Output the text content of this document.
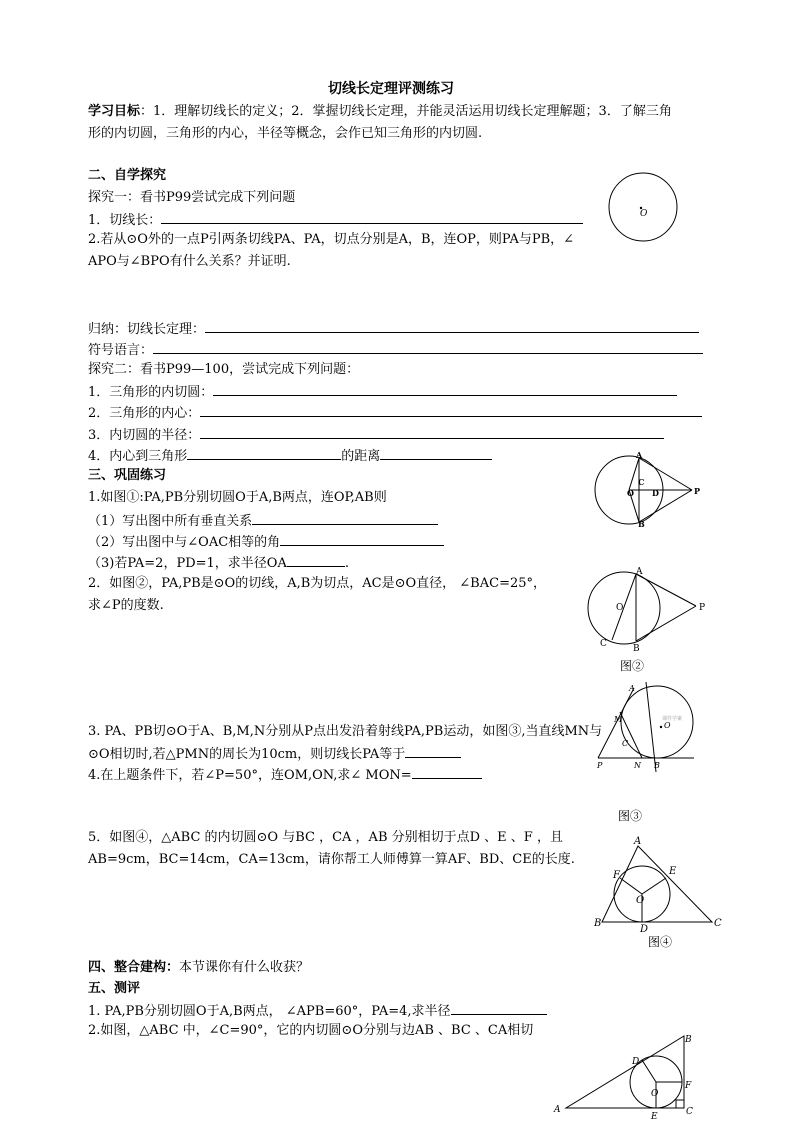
切线长定理评测练习
学习目标：1．理解切线长的定义；2．掌握切线长定理，并能灵活运用切线长定理解题；3．了解三角
形的内切圆，三角形的内心，半径等概念，会作已知三角形的内切圆.
二、自学探究
探究一：看书P99尝试完成下列问题
1．切线长：
2.若从⊙O外的一点P引两条切线PA、PA，切点分别是A，B，连OP，则PA与PB，∠
APO与∠BPO有什么关系？并证明.
O
归纳：切线长定理：
符号语言：
探究二：看书P99—100，尝试完成下列问题：
1．三角形的内切圆：
2．三角形的内心：
3．内切圆的半径：
4．内心到三角形	的距离
三、巩固练习
1.如图①:PA,PB分别切圆O于A,B两点，连OP,AB则
（1）写出图中所有垂直关系
（2）写出图中与∠OAC相等的角
（3)若PA=2，PD=1，求半径OA	.
2．如图②，PA,PB是⊙O的切线，A,B为切点，AC是⊙O直径， ∠BAC=25°，
求∠P的度数.
A
B
C
O D	P
A
O
C	B
P
图②
课件学案
A
M
C
O
P	N B
图③
3. PA、PB切⊙O于A、B,M,N分别从P点出发沿着射线PA,PB运动，如图③,当直线MN与
⊙O相切时,若△PMN的周长为10cm，则切线长PA等于
4.在上题条件下，若∠P=50°，连OM,ON,求∠ MON=
5．如图④，△ABC 的内切圆⊙O 与BC ，CA ，AB 分别相切于点D 、E 、F ，且
AB=9cm，BC=14cm，CA=13cm，请你帮工人师傅算一算AF、BD、CE的长度.
A
E
F
O
B
D
C
图④
四、整合建构：本节课你有什么收获？
五、测评
1. PA,PB分别切圆O于A,B两点， ∠APB=60°，PA=4,求半径
2.如图，△ABC 中，∠C=90°，它的内切圆⊙O分别与边AB 、BC 、CA相切
B
D
F
O
A
E	C
